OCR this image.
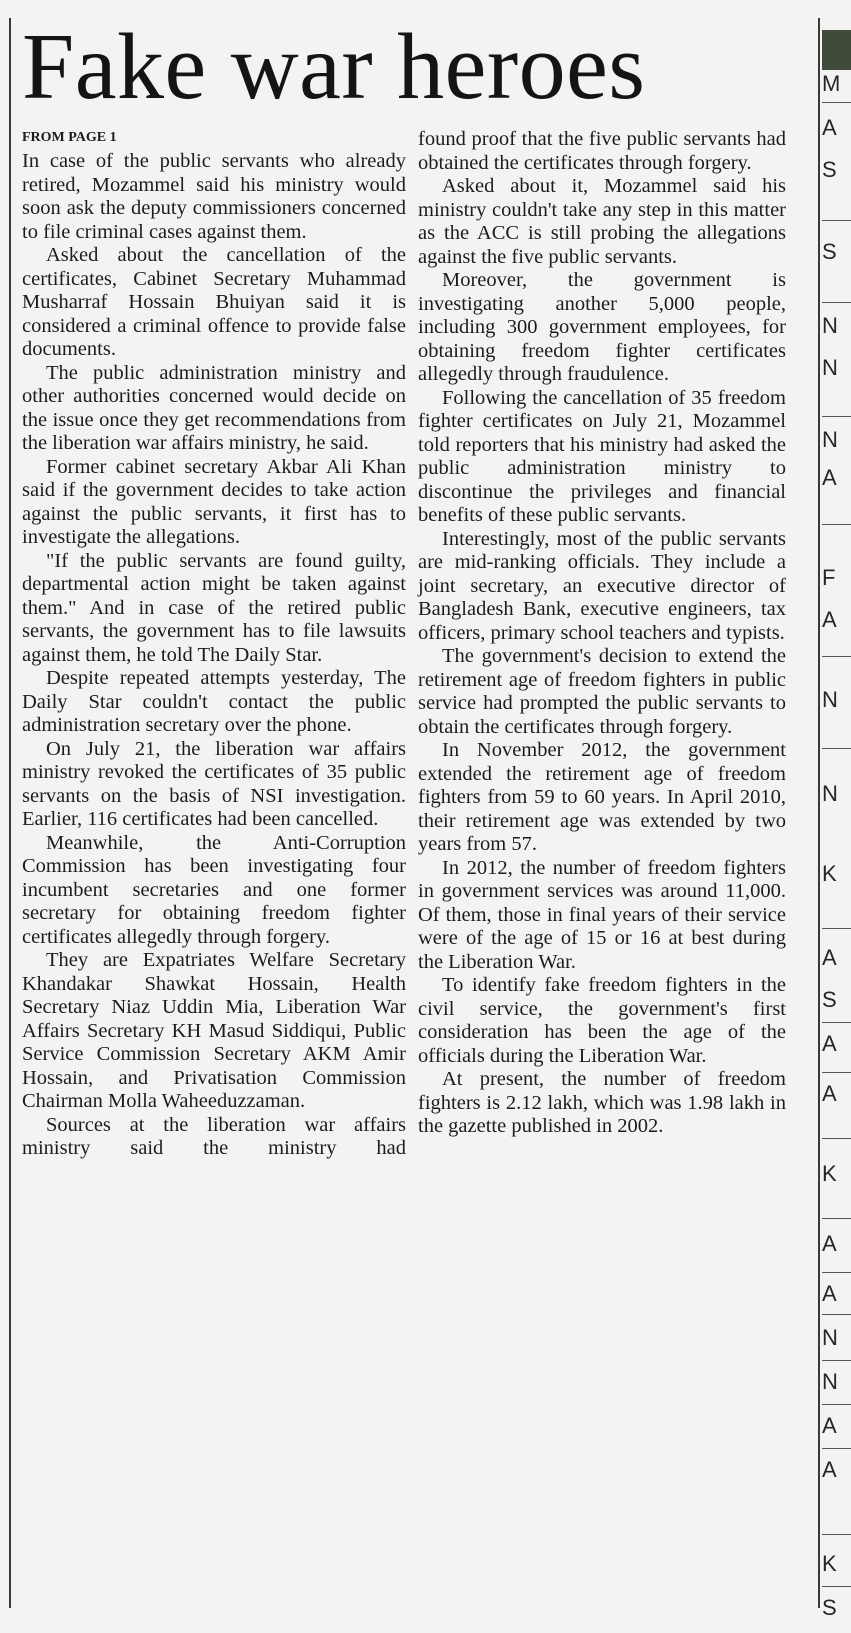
Fake war heroes
FROM PAGE 1

In case of the public servants who already retired, Mozammel said his ministry would soon ask the deputy commissioners concerned to file criminal cases against them.

Asked about the cancellation of the certificates, Cabinet Secretary Muhammad Musharraf Hossain Bhuiyan said it is considered a criminal offence to provide false documents.

The public administration ministry and other authorities concerned would decide on the issue once they get recommendations from the liberation war affairs ministry, he said.

Former cabinet secretary Akbar Ali Khan said if the government decides to take action against the public servants, it first has to investigate the allegations.

"If the public servants are found guilty, departmental action might be taken against them." And in case of the retired public servants, the government has to file lawsuits against them, he told The Daily Star.

Despite repeated attempts yesterday, The Daily Star couldn't contact the public administration secretary over the phone.

On July 21, the liberation war affairs ministry revoked the certificates of 35 public servants on the basis of NSI investigation. Earlier, 116 certificates had been cancelled.

Meanwhile, the Anti-Corruption Commission has been investigating four incumbent secretaries and one former secretary for obtaining freedom fighter certificates allegedly through forgery.

They are Expatriates Welfare Secretary Khandakar Shawkat Hossain, Health Secretary Niaz Uddin Mia, Liberation War Affairs Secretary KH Masud Siddiqui, Public Service Commission Secretary AKM Amir Hossain, and Privatisation Commission Chairman Molla Waheeduzzaman.

Sources at the liberation war affairs ministry said the ministry had

found proof that the five public servants had obtained the certificates through forgery.

Asked about it, Mozammel said his ministry couldn't take any step in this matter as the ACC is still probing the allegations against the five public servants.

Moreover, the government is investigating another 5,000 people, including 300 government employees, for obtaining freedom fighter certificates allegedly through fraudulence.

Following the cancellation of 35 freedom fighter certificates on July 21, Mozammel told reporters that his ministry had asked the public administration ministry to discontinue the privileges and financial benefits of these public servants.

Interestingly, most of the public servants are mid-ranking officials. They include a joint secretary, an executive director of Bangladesh Bank, executive engineers, tax officers, primary school teachers and typists.

The government's decision to extend the retirement age of freedom fighters in public service had prompted the public servants to obtain the certificates through forgery.

In November 2012, the government extended the retirement age of freedom fighters from 59 to 60 years. In April 2010, their retirement age was extended by two years from 57.

In 2012, the number of freedom fighters in government services was around 11,000. Of them, those in final years of their service were of the age of 15 or 16 at best during the Liberation War.

To identify fake freedom fighters in the civil service, the government's first consideration has been the age of the officials during the Liberation War.

At present, the number of freedom fighters is 2.12 lakh, which was 1.98 lakh in the gazette published in 2002.

M
A
S
S
N
N
N
A
F
A
N
N
K
A
S
A
A
K
A
A
N
N
A
A
K
S
